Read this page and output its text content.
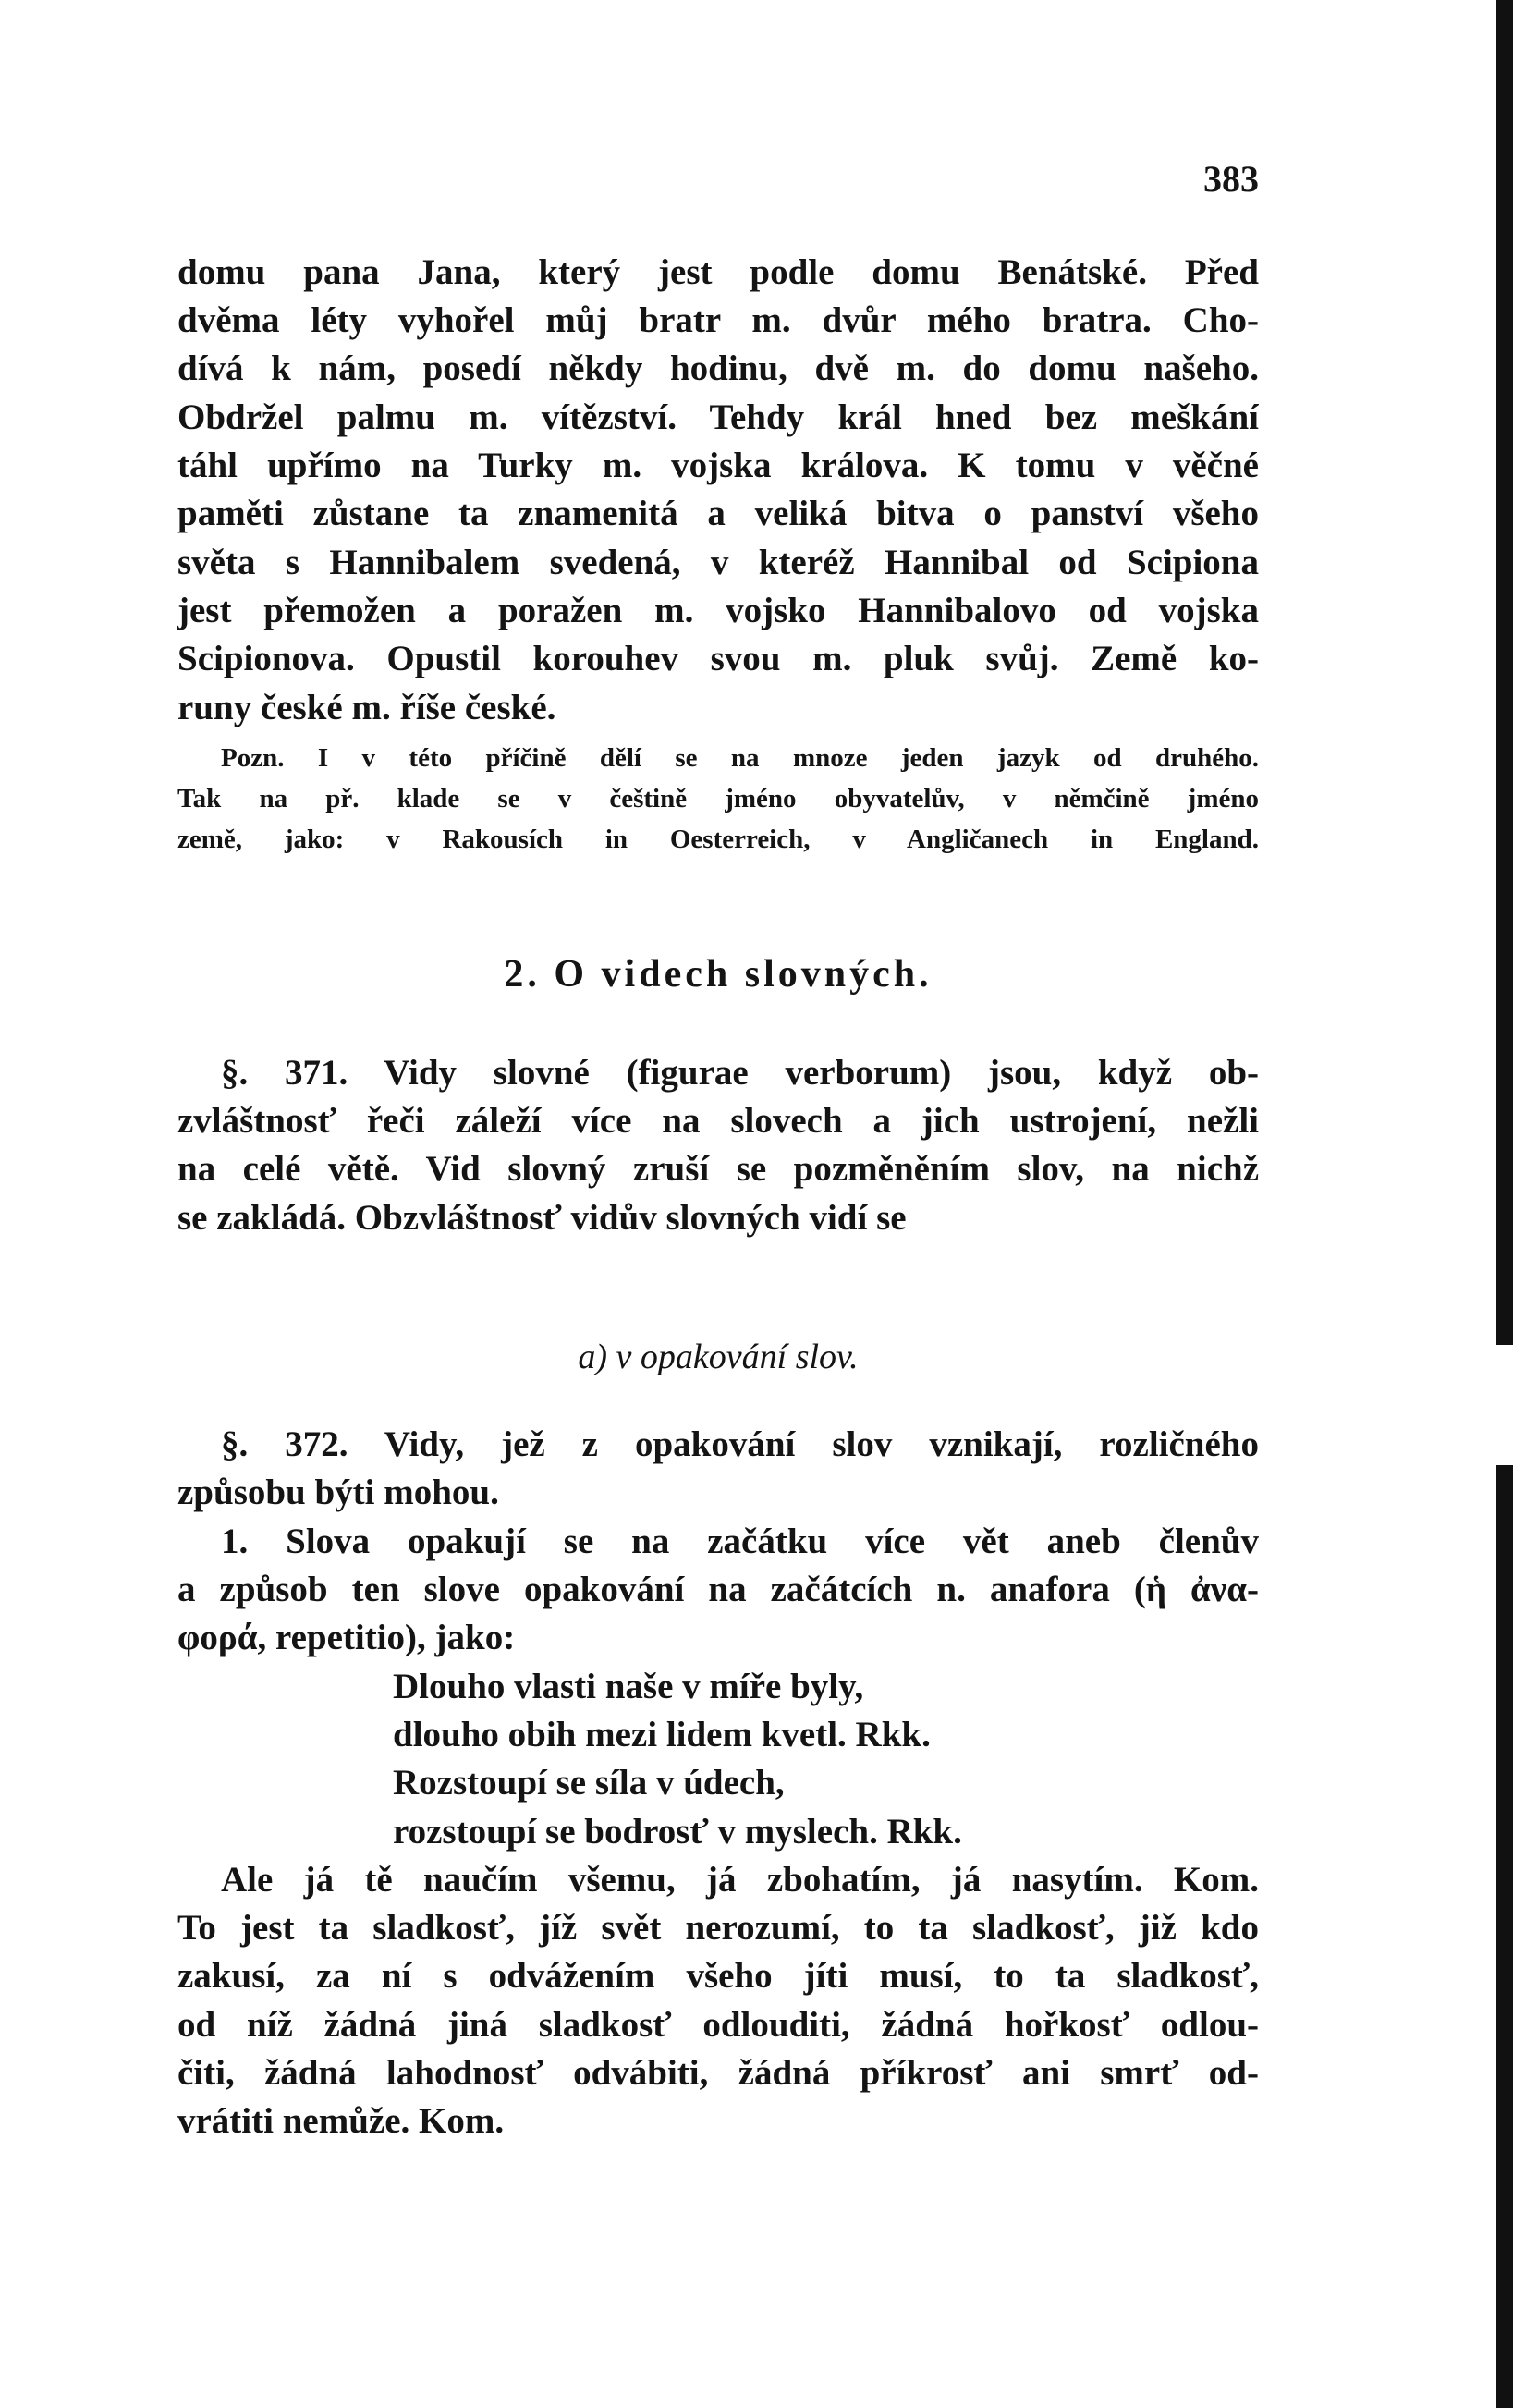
383
domu pana Jana, který jest podle domu Benátské. Před
dvěma léty vyhořel můj bratr m. dvůr mého bratra. Cho-
dívá k nám, posedí někdy hodinu, dvě m. do domu našeho.
Obdržel palmu m. vítězství. Tehdy král hned bez meškání
táhl upřímo na Turky m. vojska králova. K tomu v věčné
paměti zůstane ta znamenitá a veliká bitva o panství všeho
světa s Hannibalem svedená, v kteréž Hannibal od Scipiona
jest přemožen a poražen m. vojsko Hannibalovo od vojska
Scipionova. Opustil korouhev svou m. pluk svůj. Země ko-
runy české m. říše české.
Pozn. I v této příčině dělí se na mnoze jeden jazyk od druhého.
Tak na př. klade se v češtině jméno obyvatelův, v němčině jméno
země, jako: v Rakousích in Oesterreich, v Angličanech in England.
2. O videch slovných.
§. 371. Vidy slovné (figurae verborum) jsou, když ob-
zvláštnosť řeči záleží více na slovech a jich ustrojení, nežli
na celé větě. Vid slovný zruší se pozměněním slov, na nichž
se zakládá. Obzvláštnosť vidův slovných vidí se
a) v opakování slov.
§. 372. Vidy, jež z opakování slov vznikají, rozličného
způsobu býti mohou.
1. Slova opakují se na začátku více vět aneb členův
a způsob ten slove opakování na začátcích n. anafora (ἡ ἀνα-
φορά, repetitio), jako:
Dlouho vlasti naše v míře byly,
dlouho obih mezi lidem kvetl. Rkk.
Rozstoupí se síla v údech,
rozstoupí se bodrosť v myslech. Rkk.
Ale já tě naučím všemu, já zbohatím, já nasytím. Kom.
To jest ta sladkosť, jíž svět nerozumí, to ta sladkosť, již kdo
zakusí, za ní s odvážením všeho jíti musí, to ta sladkosť,
od níž žádná jiná sladkosť odlouditi, žádná hořkosť odlou-
čiti, žádná lahodnosť odvábiti, žádná příkrosť ani smrť od-
vrátiti nemůže. Kom.
